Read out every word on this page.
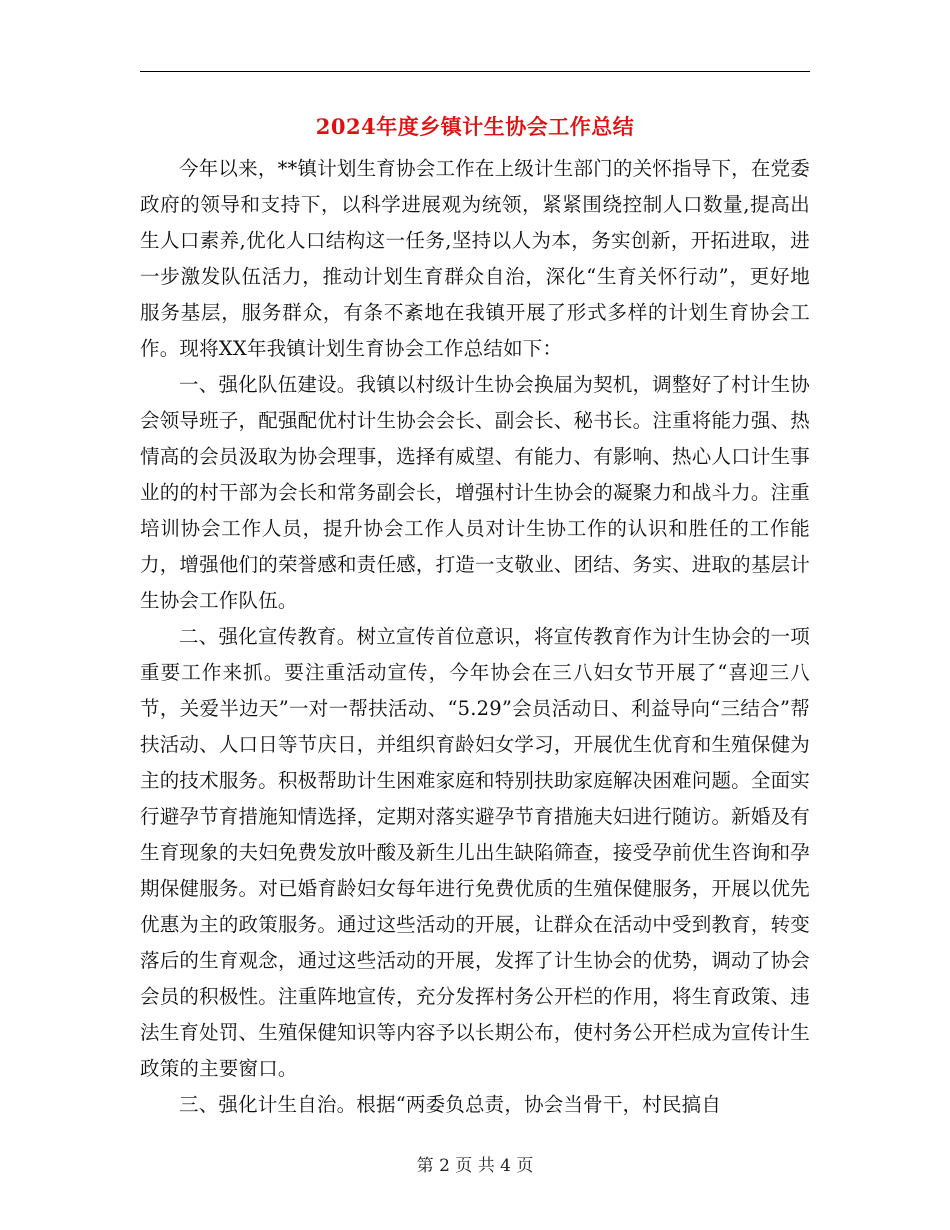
2024年度乡镇计生协会工作总结

今年以来，**镇计划生育协会工作在上级计生部门的关怀指导下，在党委政府的领导和支持下，以科学进展观为统领，紧紧围绕控制人口数量,提高出生人口素养,优化人口结构这一任务,坚持以人为本，务实创新，开拓进取，进一步激发队伍活力，推动计划生育群众自治，深化“生育关怀行动”，更好地服务基层，服务群众，有条不紊地在我镇开展了形式多样的计划生育协会工作。现将XX年我镇计划生育协会工作总结如下：

一、强化队伍建设。我镇以村级计生协会换届为契机，调整好了村计生协会领导班子，配强配优村计生协会会长、副会长、秘书长。注重将能力强、热情高的会员汲取为协会理事，选择有威望、有能力、有影响、热心人口计生事业的的村干部为会长和常务副会长，增强村计生协会的凝聚力和战斗力。注重培训协会工作人员，提升协会工作人员对计生协工作的认识和胜任的工作能力，增强他们的荣誉感和责任感，打造一支敬业、团结、务实、进取的基层计生协会工作队伍。

二、强化宣传教育。树立宣传首位意识，将宣传教育作为计生协会的一项重要工作来抓。要注重活动宣传，今年协会在三八妇女节开展了“喜迎三八节，关爱半边天”一对一帮扶活动、“5.29”会员活动日、利益导向“三结合”帮扶活动、人口日等节庆日，并组织育龄妇女学习，开展优生优育和生殖保健为主的技术服务。积极帮助计生困难家庭和特别扶助家庭解决困难问题。全面实行避孕节育措施知情选择，定期对落实避孕节育措施夫妇进行随访。新婚及有生育现象的夫妇免费发放叶酸及新生儿出生缺陷筛查，接受孕前优生咨询和孕期保健服务。对已婚育龄妇女每年进行免费优质的生殖保健服务，开展以优先优惠为主的政策服务。通过这些活动的开展，让群众在活动中受到教育，转变落后的生育观念，通过这些活动的开展，发挥了计生协会的优势，调动了协会会员的积极性。注重阵地宣传，充分发挥村务公开栏的作用，将生育政策、违法生育处罚、生殖保健知识等内容予以长期公布，使村务公开栏成为宣传计生政策的主要窗口。

三、强化计生自治。根据“两委负总责，协会当骨干，村民搞自

第 2 页 共 4 页
